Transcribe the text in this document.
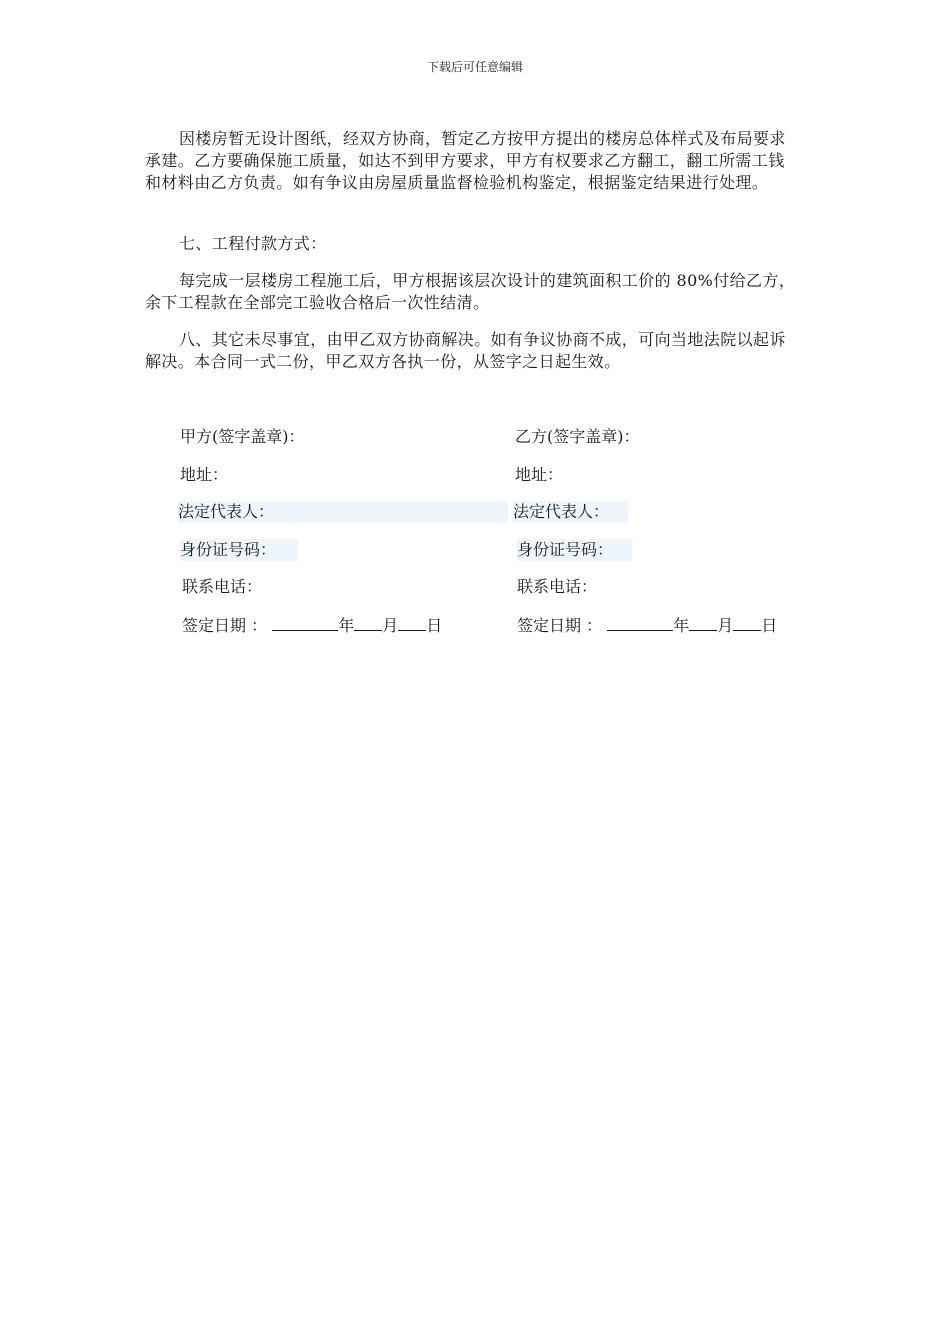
下载后可任意编辑

因楼房暂无设计图纸，经双方协商，暂定乙方按甲方提出的楼房总体样式及布局要求承建。乙方要确保施工质量，如达不到甲方要求，甲方有权要求乙方翻工，翻工所需工钱和材料由乙方负责。如有争议由房屋质量监督检验机构鉴定，根据鉴定结果进行处理。

七、工程付款方式：

每完成一层楼房工程施工后，甲方根据该层次设计的建筑面积工价的 80%付给乙方，余下工程款在全部完工验收合格后一次性结清。

八、其它未尽事宜，由甲乙双方协商解决。如有争议协商不成，可向当地法院以起诉解决。本合同一式二份，甲乙双方各执一份，从签字之日起生效。

甲方(签字盖章)：
地址：
法定代表人：
身份证号码：
联系电话：
签定日期 ：	年 月 日
乙方(签字盖章)：
地址：
法定代表人：
身份证号码：
联系电话：
签定日期 ：	年 月 日
